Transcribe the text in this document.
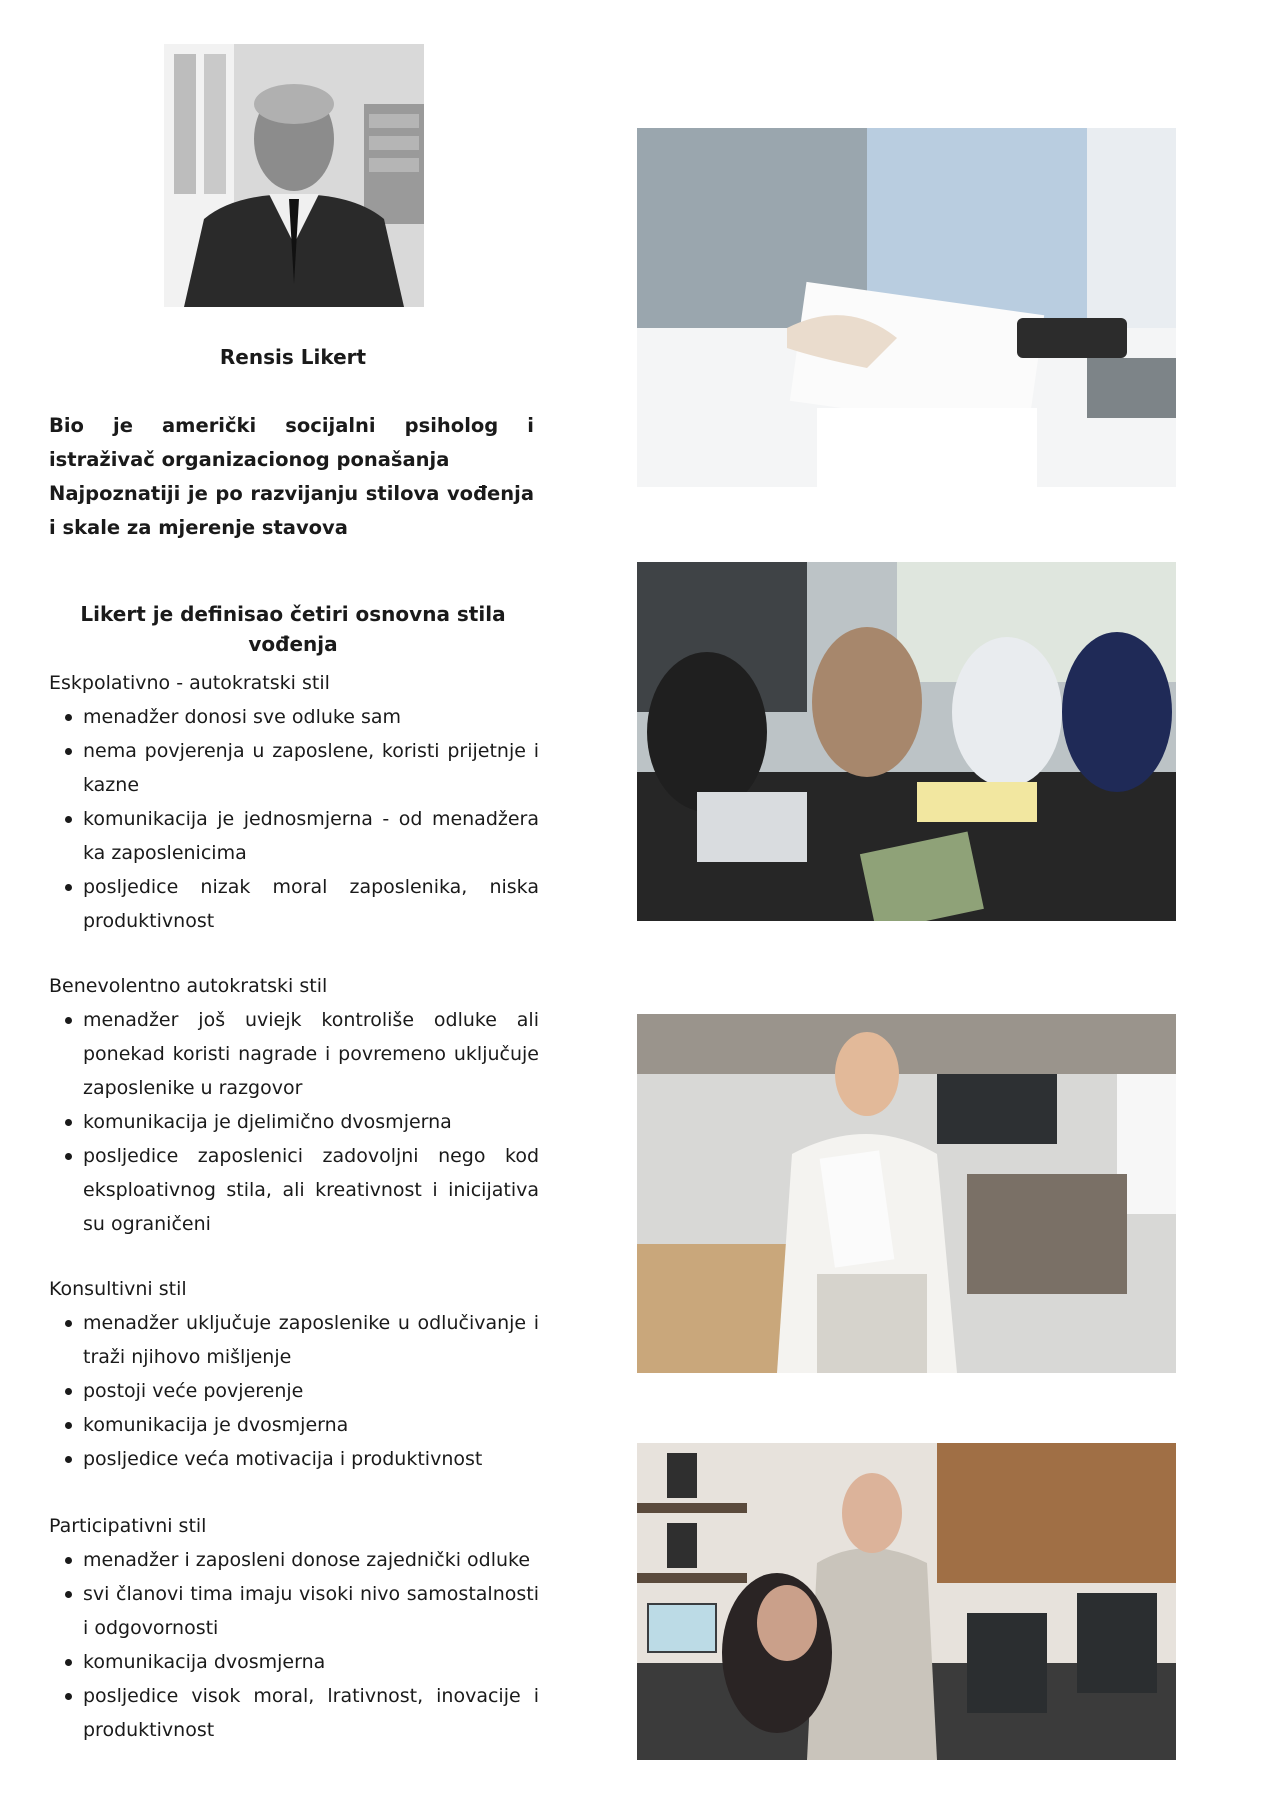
Rensis Likert

Bio je američki socijalni psiholog i istraživač organizacionog ponašanja

Najpoznatiji je po razvijanju stilova vođenja i skale za mjerenje stavova

Likert je definisao četiri osnovna stila vođenja

Eskpolativno - autokratski stil

menadžer donosi sve odluke sam
nema povjerenja u zaposlene, koristi prijetnje i kazne
komunikacija je jednosmjerna - od menadžera ka zaposlenicima
posljedice nizak moral zaposlenika, niska produktivnost

Benevolentno autokratski stil

menadžer još uviejk kontroliše odluke ali ponekad koristi nagrade i povremeno uključuje zaposlenike u razgovor
komunikacija je djelimično dvosmjerna
posljedice zaposlenici zadovoljni nego kod eksploativnog stila, ali kreativnost i inicijativa su ograničeni

Konsultivni stil

menadžer uključuje zaposlenike u odlučivanje i traži njihovo mišljenje
postoji veće povjerenje
komunikacija je dvosmjerna
posljedice veća motivacija i produktivnost

Participativni stil

menadžer i zaposleni donose zajednički odluke
svi članovi tima imaju visoki nivo samostalnosti i odgovornosti
komunikacija dvosmjerna
posljedice visok moral, lrativnost, inovacije i produktivnost
